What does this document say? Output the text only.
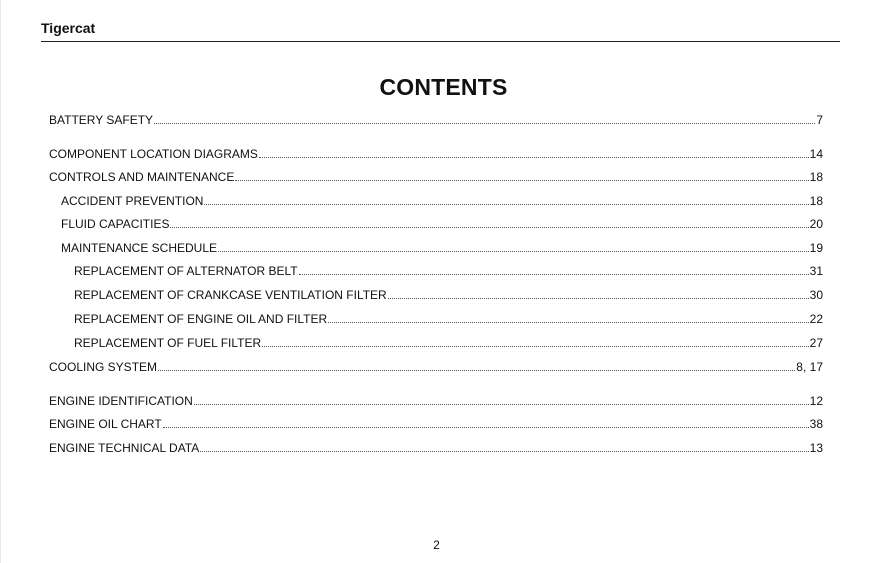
Tigercat
CONTENTS
BATTERY SAFETY	7
COMPONENT LOCATION DIAGRAMS	14
CONTROLS AND MAINTENANCE	18
ACCIDENT PREVENTION	18
FLUID CAPACITIES	20
MAINTENANCE SCHEDULE	19
REPLACEMENT OF ALTERNATOR BELT	31
REPLACEMENT OF CRANKCASE VENTILATION FILTER	30
REPLACEMENT OF ENGINE OIL AND FILTER	22
REPLACEMENT OF FUEL FILTER	27
COOLING SYSTEM	8, 17
ENGINE IDENTIFICATION	12
ENGINE OIL CHART	38
ENGINE TECHNICAL DATA	13
2
